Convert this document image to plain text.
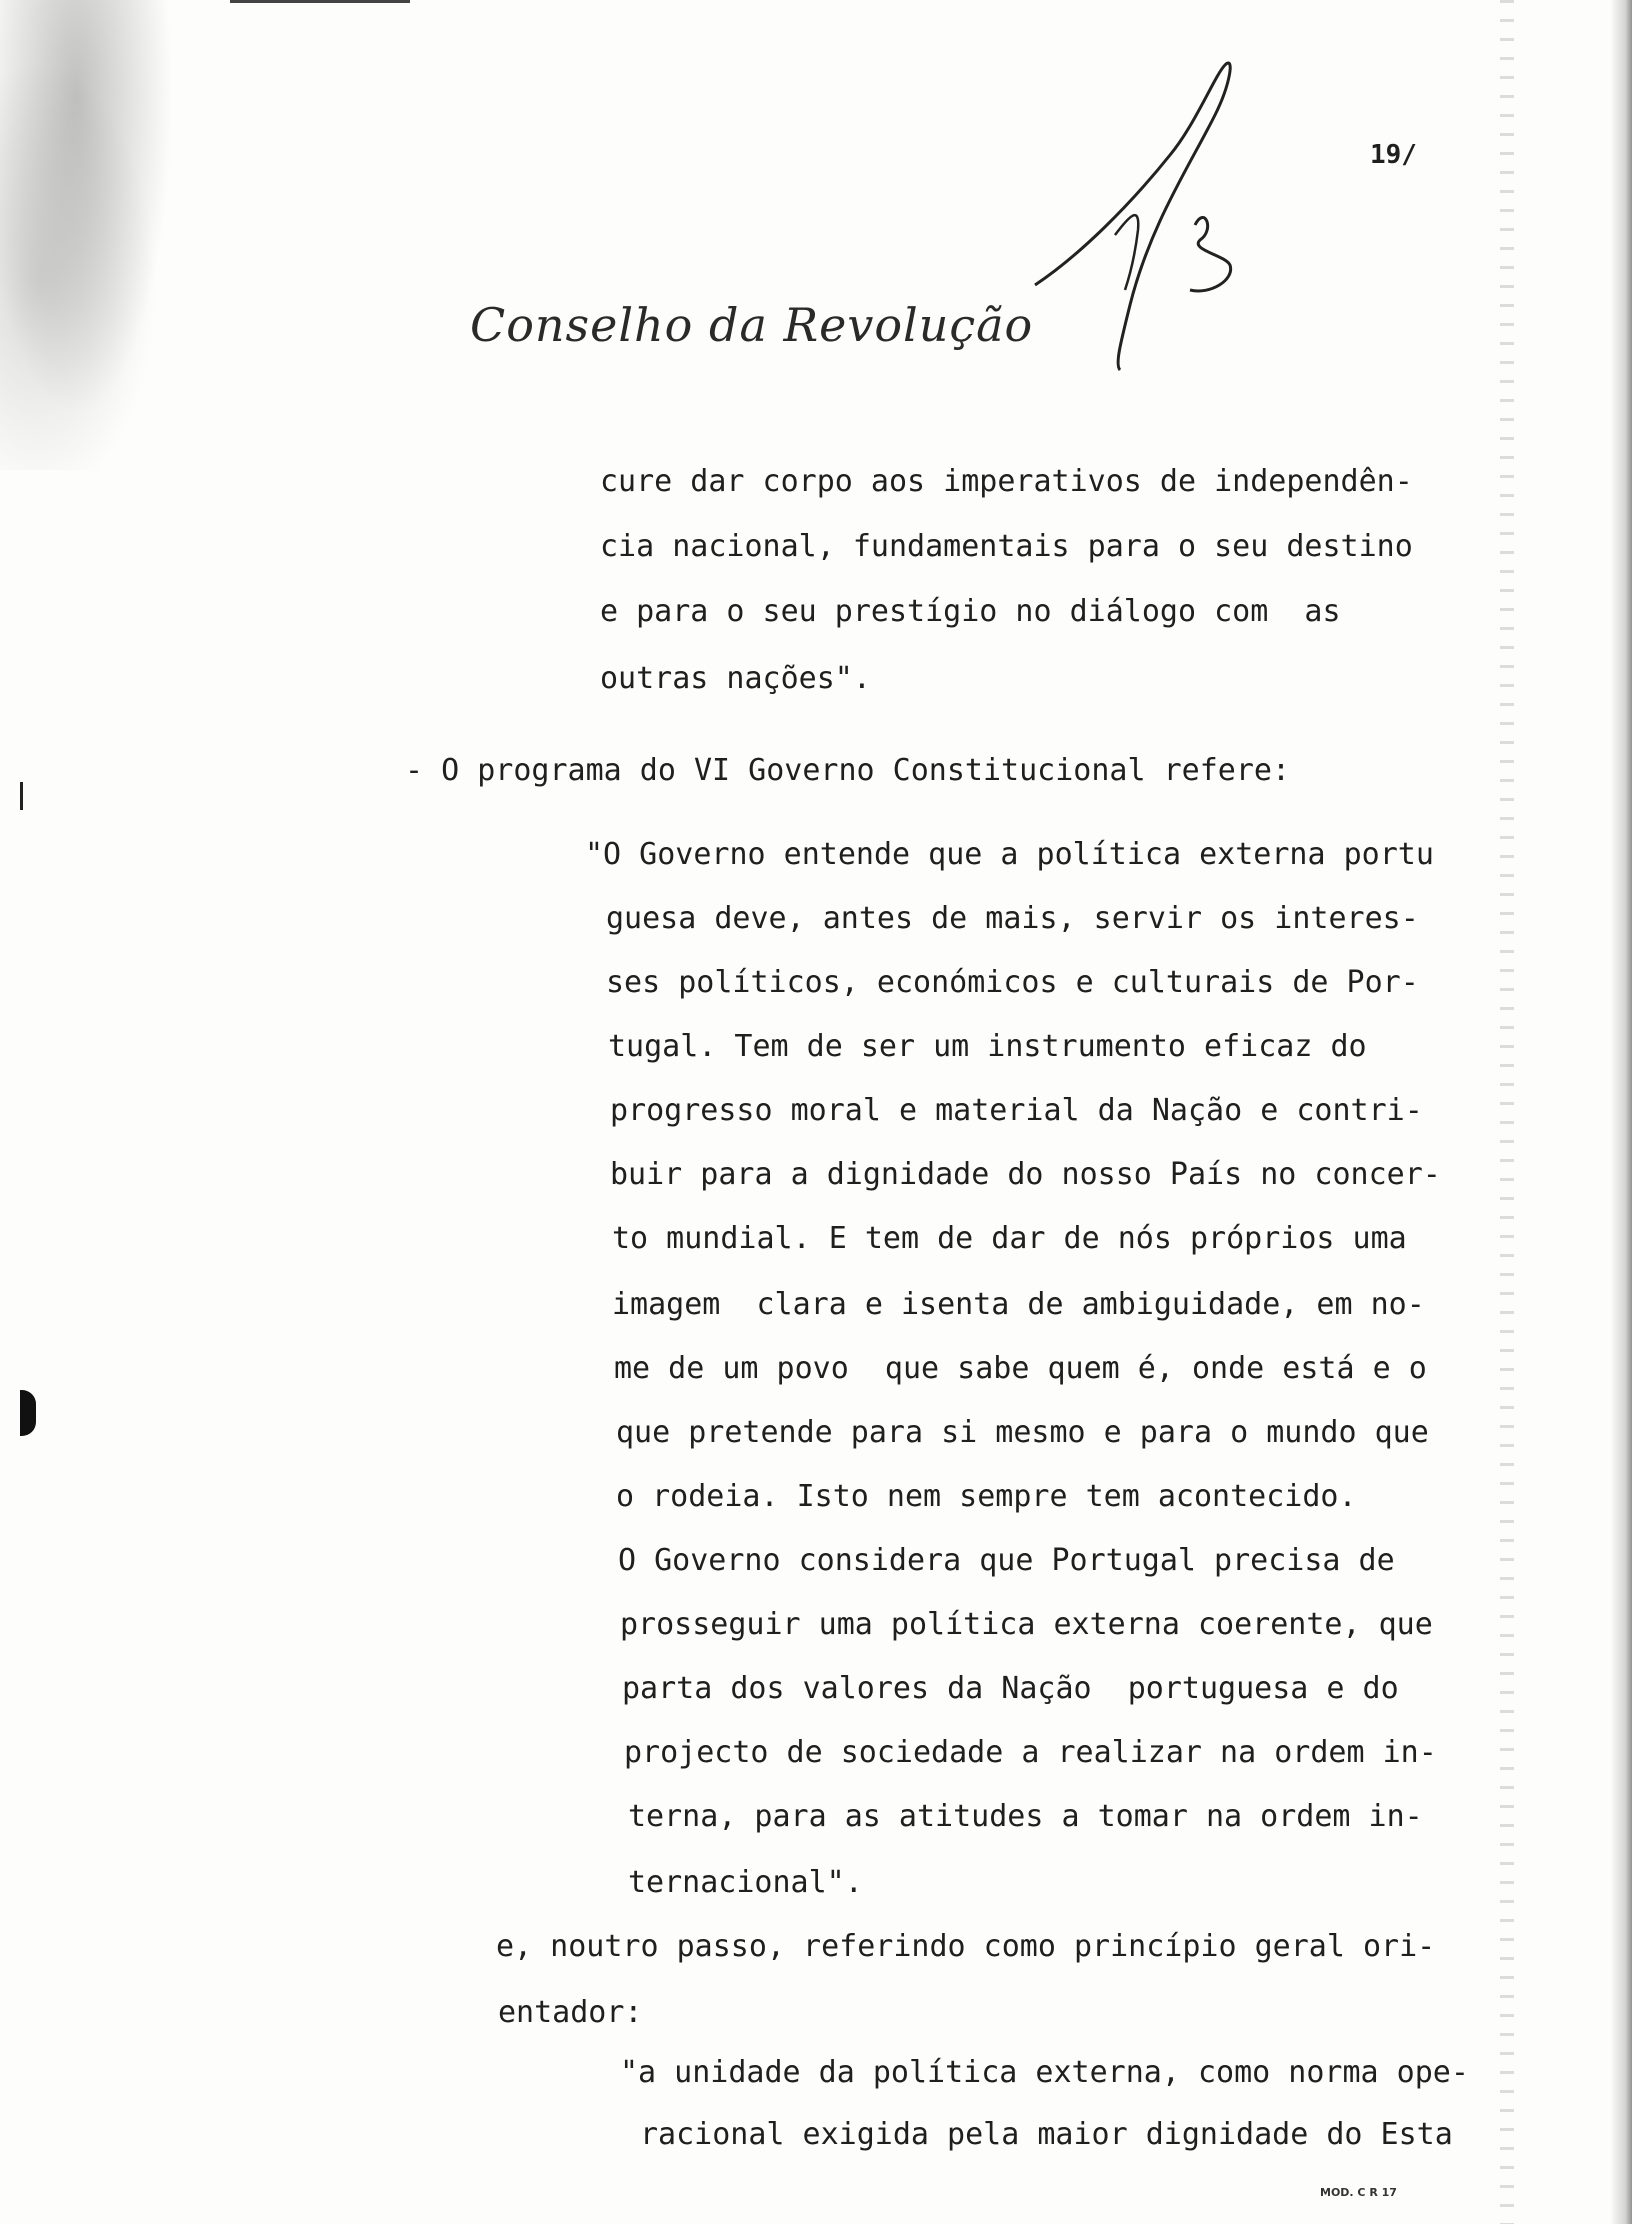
19/
Conselho da Revolução
cure dar corpo aos imperativos de independên-
cia nacional, fundamentais para o seu destino
e para o seu prestígio no diálogo com  as
outras nações".
- O programa do VI Governo Constitucional refere:
"O Governo entende que a política externa portu
guesa deve, antes de mais, servir os interes-
ses políticos, económicos e culturais de Por-
tugal. Tem de ser um instrumento eficaz do
progresso moral e material da Nação e contri-
buir para a dignidade do nosso País no concer-
to mundial. E tem de dar de nós próprios uma
imagem  clara e isenta de ambiguidade, em no-
me de um povo  que sabe quem é, onde está e o
que pretende para si mesmo e para o mundo que
o rodeia. Isto nem sempre tem acontecido.
O Governo considera que Portugal precisa de
prosseguir uma política externa coerente, que
parta dos valores da Nação  portuguesa e do
projecto de sociedade a realizar na ordem in-
terna, para as atitudes a tomar na ordem in-
ternacional".
e, noutro passo, referindo como princípio geral ori-
entador:
"a unidade da política externa, como norma ope-
racional exigida pela maior dignidade do Esta
MOD. C R 17
